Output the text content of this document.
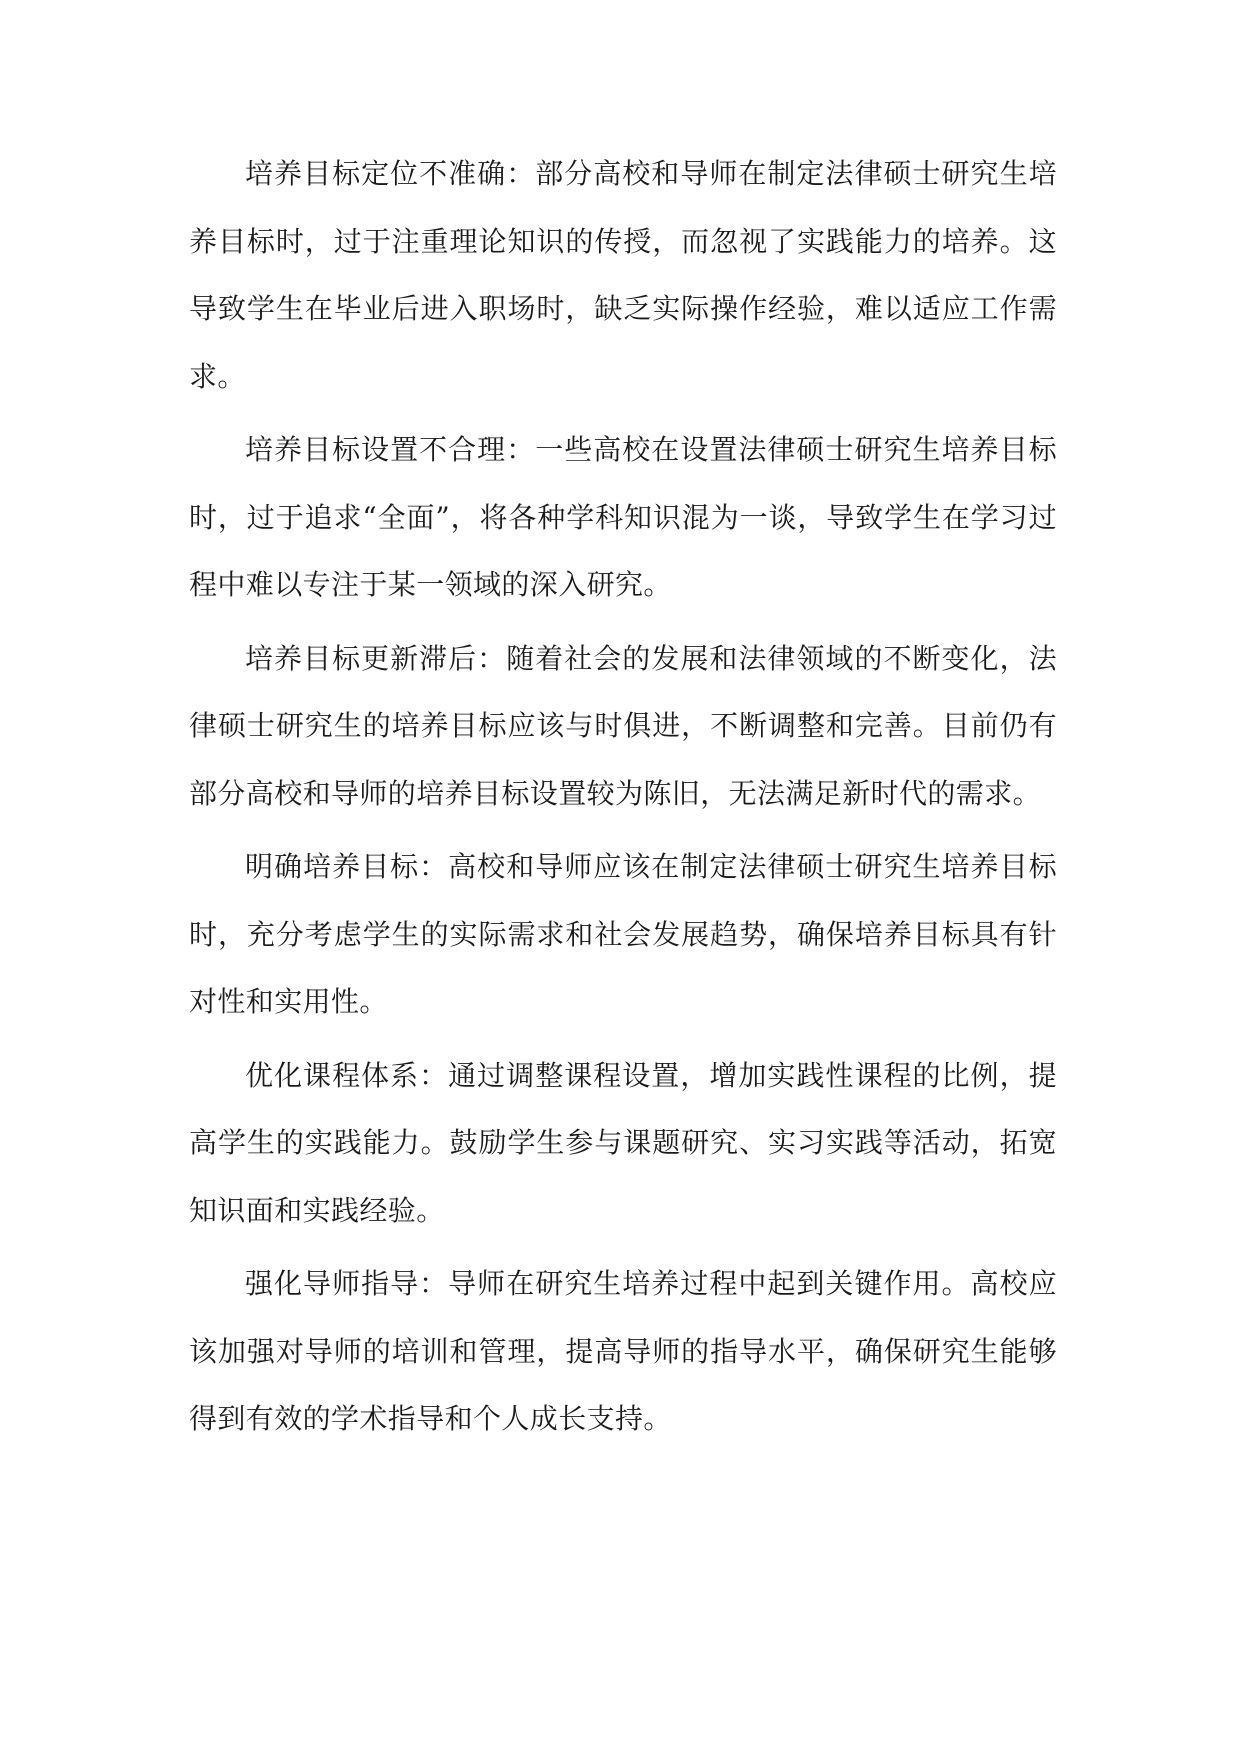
培养目标定位不准确：部分高校和导师在制定法律硕士研究生培养目标时，过于注重理论知识的传授，而忽视了实践能力的培养。这导致学生在毕业后进入职场时，缺乏实际操作经验，难以适应工作需求。

培养目标设置不合理：一些高校在设置法律硕士研究生培养目标时，过于追求“全面”，将各种学科知识混为一谈，导致学生在学习过程中难以专注于某一领域的深入研究。

培养目标更新滞后：随着社会的发展和法律领域的不断变化，法律硕士研究生的培养目标应该与时俱进，不断调整和完善。目前仍有部分高校和导师的培养目标设置较为陈旧，无法满足新时代的需求。

明确培养目标：高校和导师应该在制定法律硕士研究生培养目标时，充分考虑学生的实际需求和社会发展趋势，确保培养目标具有针对性和实用性。

优化课程体系：通过调整课程设置，增加实践性课程的比例，提高学生的实践能力。鼓励学生参与课题研究、实习实践等活动，拓宽知识面和实践经验。

强化导师指导：导师在研究生培养过程中起到关键作用。高校应该加强对导师的培训和管理，提高导师的指导水平，确保研究生能够得到有效的学术指导和个人成长支持。
